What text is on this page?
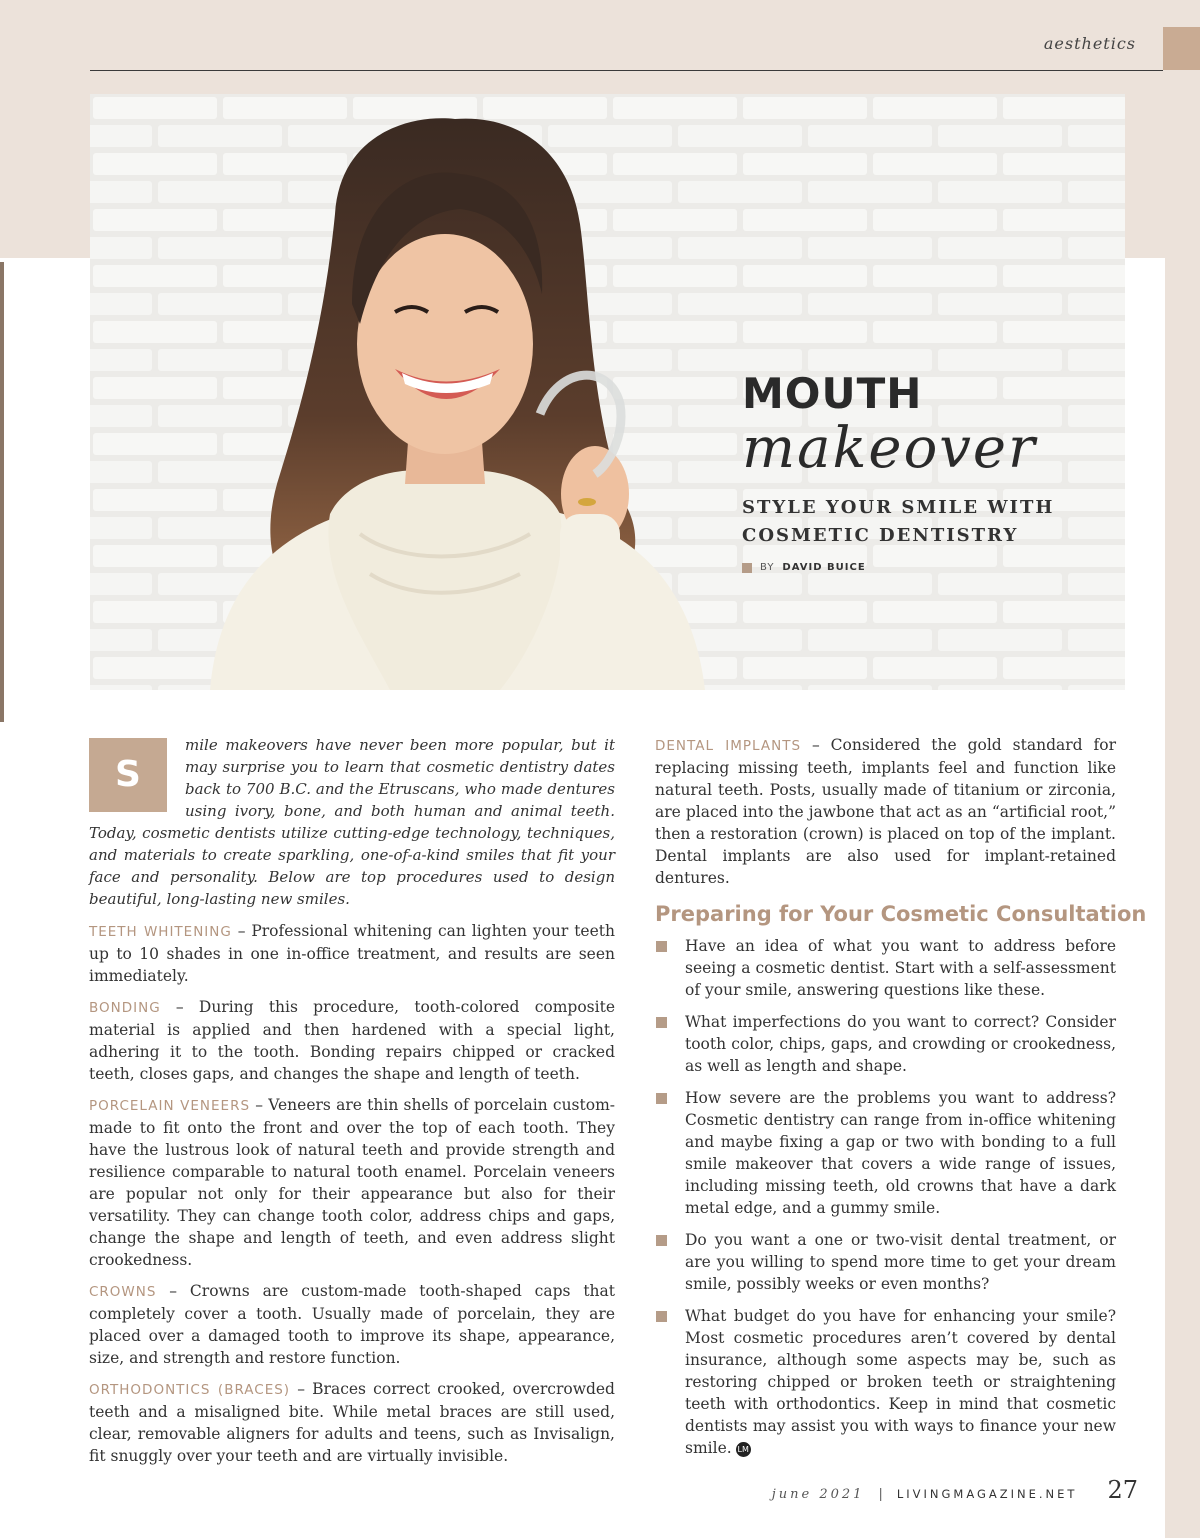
aesthetics
MOUTH
makeover
STYLE YOUR SMILE WITH COSMETIC DENTISTRY
BY DAVID BUICE
S

mile makeovers have never been more popular, but it may surprise you to learn that cosmetic dentistry dates back to 700 B.C. and the Etruscans, who made dentures using ivory, bone, and both human and animal teeth. Today, cosmetic dentists utilize cutting-edge technology, techniques, and materials to create sparkling, one-of-a-kind smiles that fit your face and personality. Below are top procedures used to design beautiful, long-lasting new smiles.

TEETH WHITENING – Professional whitening can lighten your teeth up to 10 shades in one in-office treatment, and results are seen immediately.

BONDING – During this procedure, tooth-colored composite material is applied and then hardened with a special light, adhering it to the tooth. Bonding repairs chipped or cracked teeth, closes gaps, and changes the shape and length of teeth.

PORCELAIN VENEERS – Veneers are thin shells of porcelain custom-made to fit onto the front and over the top of each tooth. They have the lustrous look of natural teeth and provide strength and resilience comparable to natural tooth enamel. Porcelain veneers are popular not only for their appearance but also for their versatility. They can change tooth color, address chips and gaps, change the shape and length of teeth, and even address slight crookedness.

CROWNS – Crowns are custom-made tooth-shaped caps that completely cover a tooth. Usually made of porcelain, they are placed over a damaged tooth to improve its shape, appearance, size, and strength and restore function.

ORTHODONTICS (BRACES) – Braces correct crooked, overcrowded teeth and a misaligned bite. While metal braces are still used, clear, removable aligners for adults and teens, such as Invisalign, fit snuggly over your teeth and are virtually invisible.

DENTAL IMPLANTS – Considered the gold standard for replacing missing teeth, implants feel and function like natural teeth. Posts, usually made of titanium or zirconia, are placed into the jawbone that act as an “artificial root,” then a restoration (crown) is placed on top of the implant. Dental implants are also used for implant-retained dentures.

Preparing for Your Cosmetic Consultation
Have an idea of what you want to address before seeing a cosmetic dentist. Start with a self-assessment of your smile, answering questions like these.
What imperfections do you want to correct? Consider tooth color, chips, gaps, and crowding or crookedness, as well as length and shape.
How severe are the problems you want to address? Cosmetic dentistry can range from in-office whitening and maybe fixing a gap or two with bonding to a full smile makeover that covers a wide range of issues, including missing teeth, old crowns that have a dark metal edge, and a gummy smile.
Do you want a one or two-visit dental treatment, or are you willing to spend more time to get your dream smile, possibly weeks or even months?
What budget do you have for enhancing your smile? Most cosmetic procedures aren’t covered by dental insurance, although some aspects may be, such as restoring chipped or broken teeth or straightening teeth with orthodontics. Keep in mind that cosmetic dentists may assist you with ways to finance your new smile. LM
june 2021 | LIVINGMAGAZINE.NET 27
